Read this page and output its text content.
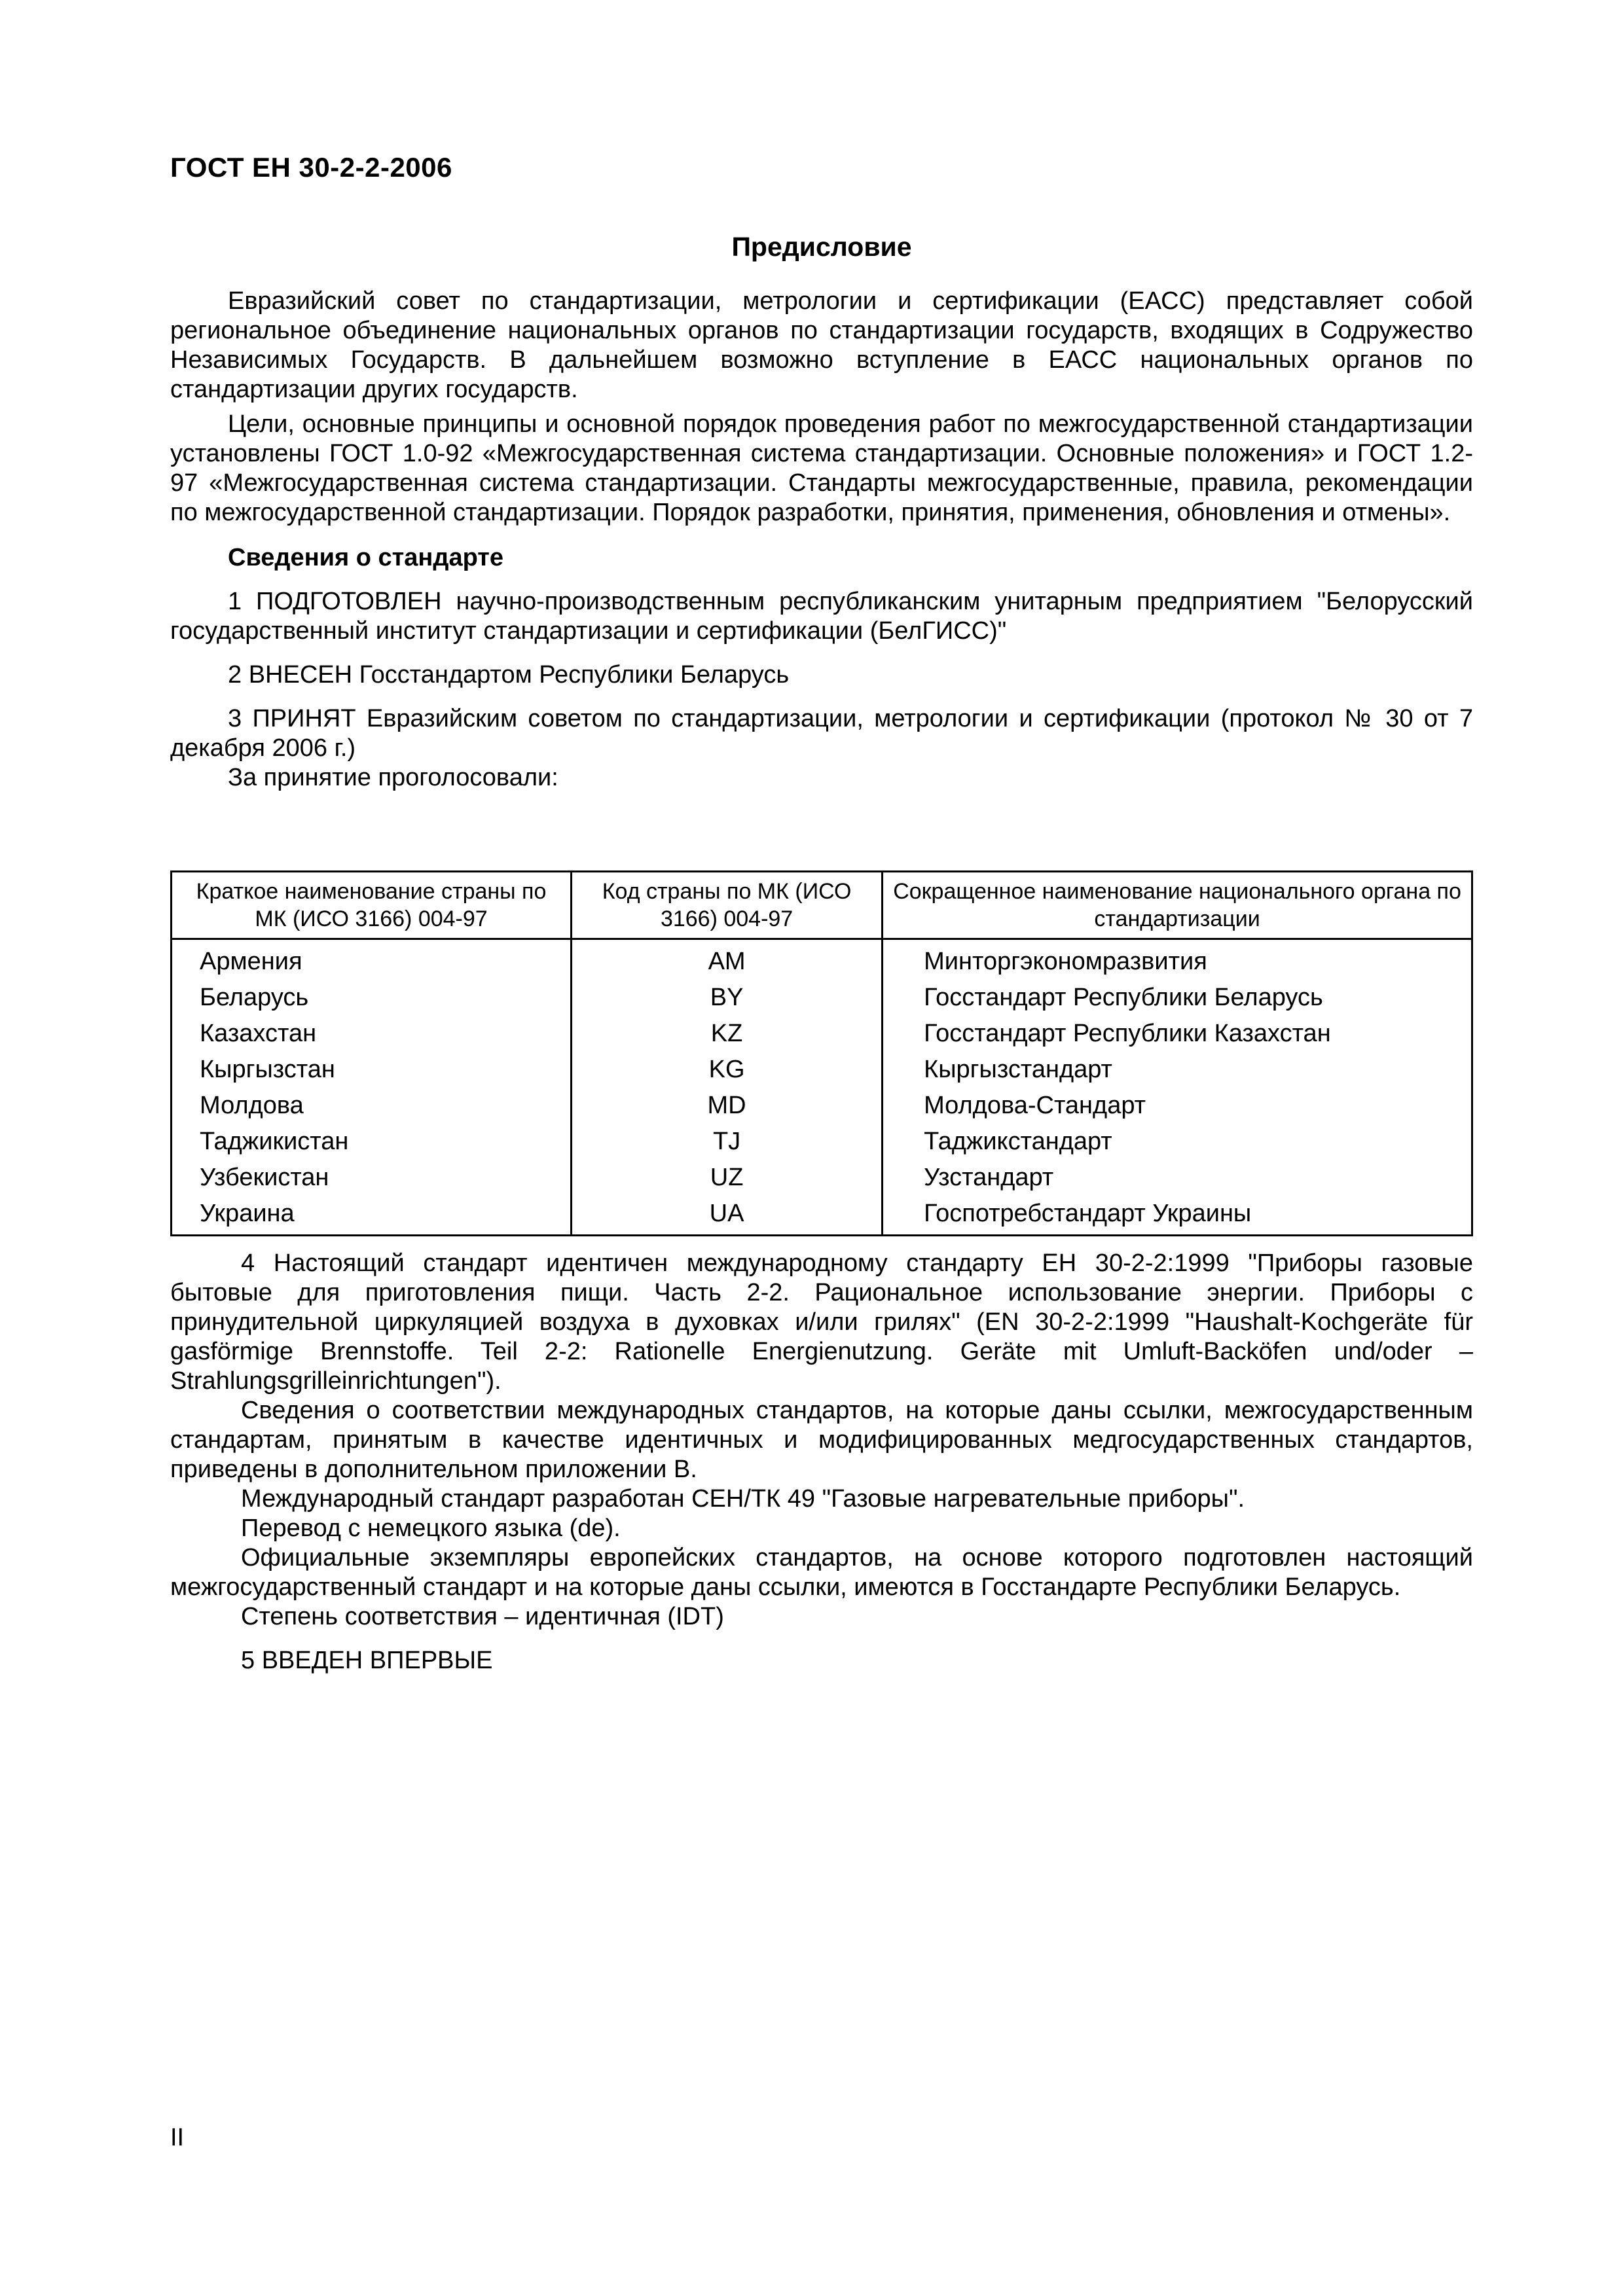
ГОСТ ЕН 30-2-2-2006
Предисловие

Евразийский совет по стандартизации, метрологии и сертификации (ЕАСС) представляет собой региональное объединение национальных органов по стандартизации государств, входящих в Содружество Независимых Государств. В дальнейшем возможно вступление в ЕАСС национальных органов по стандартизации других государств.

Цели, основные принципы и основной порядок проведения работ по межгосударственной стандартизации установлены ГОСТ 1.0-92 «Межгосударственная система стандартизации. Основные положения» и ГОСТ 1.2-97 «Межгосударственная система стандартизации. Стандарты межгосударственные, правила, рекомендации по межгосударственной стандартизации. Порядок разработки, принятия, применения, обновления и отмены».

Сведения о стандарте

1 ПОДГОТОВЛЕН научно-производственным республиканским унитарным предприятием "Белорусский государственный институт стандартизации и сертификации (БелГИСС)"

2 ВНЕСЕН Госстандартом Республики Беларусь

3 ПРИНЯТ Евразийским советом по стандартизации, метрологии и сертификации (протокол № 30 от 7 декабря 2006 г.)

За принятие проголосовали:

Краткое наименование страны по МК (ИСО 3166) 004-97	Код страны по МК (ИСО 3166) 004-97	Сокращенное наименование национального органа по стандартизации
Армения	AM	Минторгэкономразвития
Беларусь	BY	Госстандарт Республики Беларусь
Казахстан	KZ	Госстандарт Республики Казахстан
Кыргызстан	KG	Кыргызстандарт
Молдова	MD	Молдова-Стандарт
Таджикистан	TJ	Таджикстандарт
Узбекистан	UZ	Узстандарт
Украина	UA	Госпотребстандарт Украины

4 Настоящий стандарт идентичен международному стандарту ЕН 30-2-2:1999 "Приборы газовые бытовые для приготовления пищи. Часть 2-2. Рациональное использование энергии. Приборы с принудительной циркуляцией воздуха в духовках и/или грилях" (EN 30-2-2:1999 "Haushalt-Kochgeräte für gasförmige Brennstoffe. Teil 2-2: Rationelle Energienutzung. Geräte mit Umluft-Backöfen und/oder – Strahlungsgrilleinrichtungen").

Сведения о соответствии международных стандартов, на которые даны ссылки, межгосударственным стандартам, принятым в качестве идентичных и модифицированных медгосударственных стандартов, приведены в дополнительном приложении В.

Международный стандарт разработан СЕН/ТК 49 "Газовые нагревательные приборы".

Перевод с немецкого языка (de).

Официальные экземпляры европейских стандартов, на основе которого подготовлен настоящий межгосударственный стандарт и на которые даны ссылки, имеются в Госстандарте Республики Беларусь.

Степень соответствия – идентичная (IDT)

5 ВВЕДЕН ВПЕРВЫЕ

II
